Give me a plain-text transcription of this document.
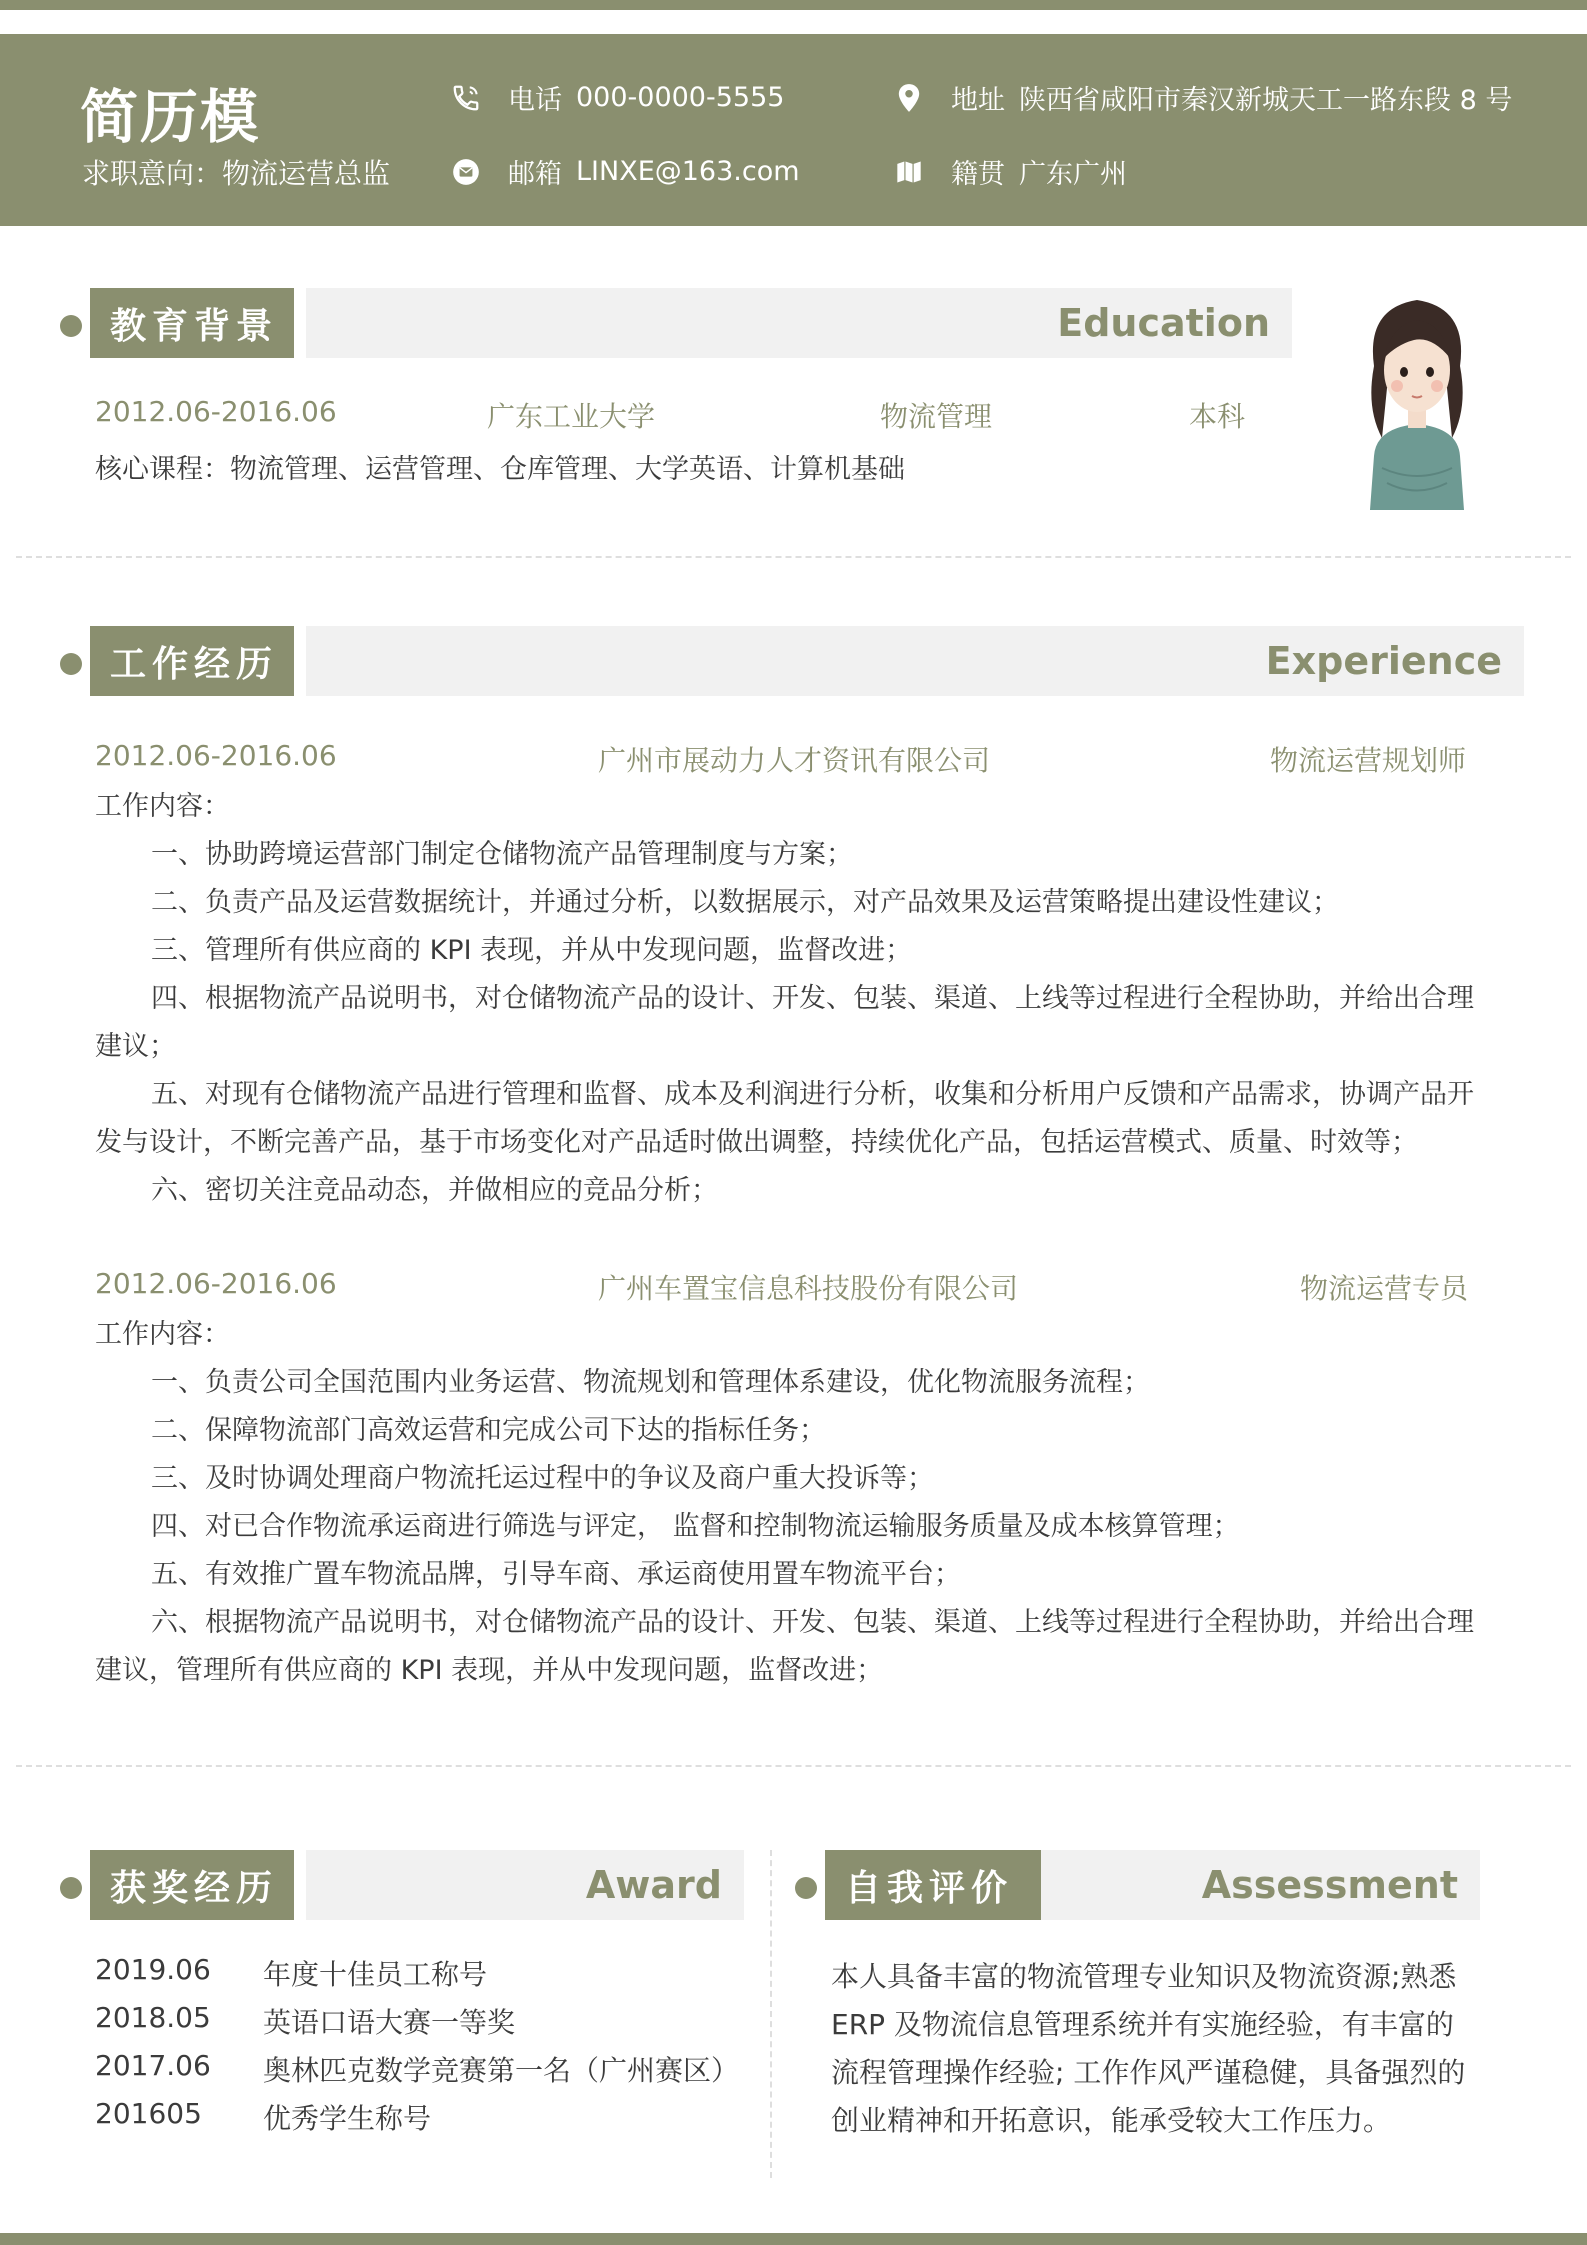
简历模
求职意向：物流运营总监
电话 000-0000-5555
邮箱 LINXE@163.com
地址 陕西省咸阳市秦汉新城天工一路东段 8 号
籍贯 广东广州
教育背景	Education
2012.06-2016.06	广东工业大学	物流管理	本科
核心课程：物流管理、运营管理、仓库管理、大学英语、计算机基础
工作经历	Experience
2012.06-2016.06	广州市展动力人才资讯有限公司	物流运营规划师

工作内容：

一、协助跨境运营部门制定仓储物流产品管理制度与方案；

二、负责产品及运营数据统计，并通过分析，以数据展示，对产品效果及运营策略提出建设性建议；

三、管理所有供应商的 KPI 表现，并从中发现问题，监督改进；

四、根据物流产品说明书，对仓储物流产品的设计、开发、包装、渠道、上线等过程进行全程协助，并给出合理建议；

五、对现有仓储物流产品进行管理和监督、成本及利润进行分析，收集和分析用户反馈和产品需求，协调产品开发与设计，不断完善产品，基于市场变化对产品适时做出调整，持续优化产品，包括运营模式、质量、时效等；

六、密切关注竞品动态，并做相应的竞品分析；

2012.06-2016.06	广州车置宝信息科技股份有限公司	物流运营专员

工作内容：

一、负责公司全国范围内业务运营、物流规划和管理体系建设，优化物流服务流程；

二、保障物流部门高效运营和完成公司下达的指标任务；

三、及时协调处理商户物流托运过程中的争议及商户重大投诉等；

四、对已合作物流承运商进行筛选与评定， 监督和控制物流运输服务质量及成本核算管理；

五、有效推广置车物流品牌，引导车商、承运商使用置车物流平台；

六、根据物流产品说明书，对仓储物流产品的设计、开发、包装、渠道、上线等过程进行全程协助，并给出合理建议，管理所有供应商的 KPI 表现，并从中发现问题，监督改进；

获奖经历	Award
2019.06	年度十佳员工称号
2018.05	英语口语大赛一等奖
2017.06	奥林匹克数学竞赛第一名（广州赛区）
201605	优秀学生称号
自我评价	Assessment
本人具备丰富的物流管理专业知识及物流资源;熟悉 ERP 及物流信息管理系统并有实施经验，有丰富的流程管理操作经验; 工作作风严谨稳健，具备强烈的创业精神和开拓意识，能承受较大工作压力。
